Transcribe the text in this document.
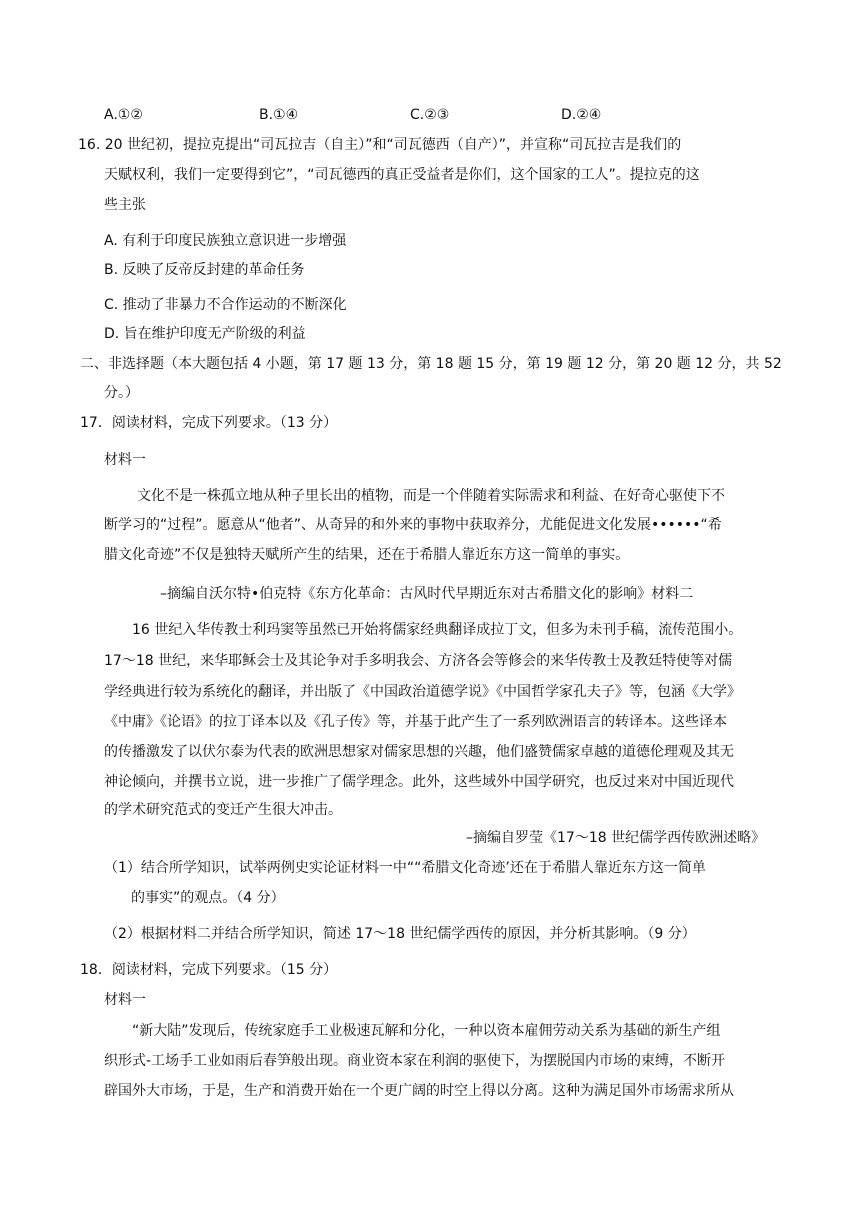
A.①②	B.①④	C.②③	D.②④
16. 20 世纪初，提拉克提出“司瓦拉吉（自主）”和“司瓦德西（自产）”，并宣称“司瓦拉吉是我们的
天赋权利，我们一定要得到它”，“司瓦德西的真正受益者是你们，这个国家的工人”。提拉克的这
些主张
A. 有利于印度民族独立意识进一步增强
B. 反映了反帝反封建的革命任务
C. 推动了非暴力不合作运动的不断深化
D. 旨在维护印度无产阶级的利益
二、非选择题（本大题包括 4 小题，第 17 题 13 分，第 18 题 15 分，第 19 题 12 分，第 20 题 12 分，共 52
分。）
17．阅读材料，完成下列要求。（13 分）
材料一
文化不是一株孤立地从种子里长出的植物，而是一个伴随着实际需求和利益、在好奇心驱使下不
断学习的“过程”。愿意从“他者”、从奇异的和外来的事物中获取养分，尤能促进文化发展••••••“希
腊文化奇迹”不仅是独特天赋所产生的结果，还在于希腊人靠近东方这一简单的事实。
–摘编自沃尔特•伯克特《东方化革命：古风时代早期近东对古希腊文化的影响》材料二
16 世纪入华传教士利玛窦等虽然已开始将儒家经典翻译成拉丁文，但多为未刊手稿，流传范围小。
17～18 世纪，来华耶稣会士及其论争对手多明我会、方济各会等修会的来华传教士及教廷特使等对儒
学经典进行较为系统化的翻译，并出版了《中国政治道德学说》《中国哲学家孔夫子》等，包涵《大学》
《中庸》《论语》的拉丁译本以及《孔子传》等，并基于此产生了一系列欧洲语言的转译本。这些译本
的传播激发了以伏尔泰为代表的欧洲思想家对儒家思想的兴趣，他们盛赞儒家卓越的道德伦理观及其无
神论倾向，并撰书立说，进一步推广了儒学理念。此外，这些域外中国学研究，也反过来对中国近现代
的学术研究范式的变迁产生很大冲击。
–摘编自罗莹《17～18 世纪儒学西传欧洲述略》
（1）结合所学知识，试举两例史实论证材料一中““希腊文化奇迹’还在于希腊人靠近东方这一简单
的事实”的观点。（4 分）
（2）根据材料二并结合所学知识，简述 17～18 世纪儒学西传的原因，并分析其影响。（9 分）
18．阅读材料，完成下列要求。（15 分）
材料一
“新大陆”发现后，传统家庭手工业极速瓦解和分化，一种以资本雇佣劳动关系为基础的新生产组
织形式-工场手工业如雨后春笋般出现。商业资本家在利润的驱使下，为摆脱国内市场的束缚，不断开
辟国外大市场，于是，生产和消费开始在一个更广阔的时空上得以分离。这种为满足国外市场需求所从
